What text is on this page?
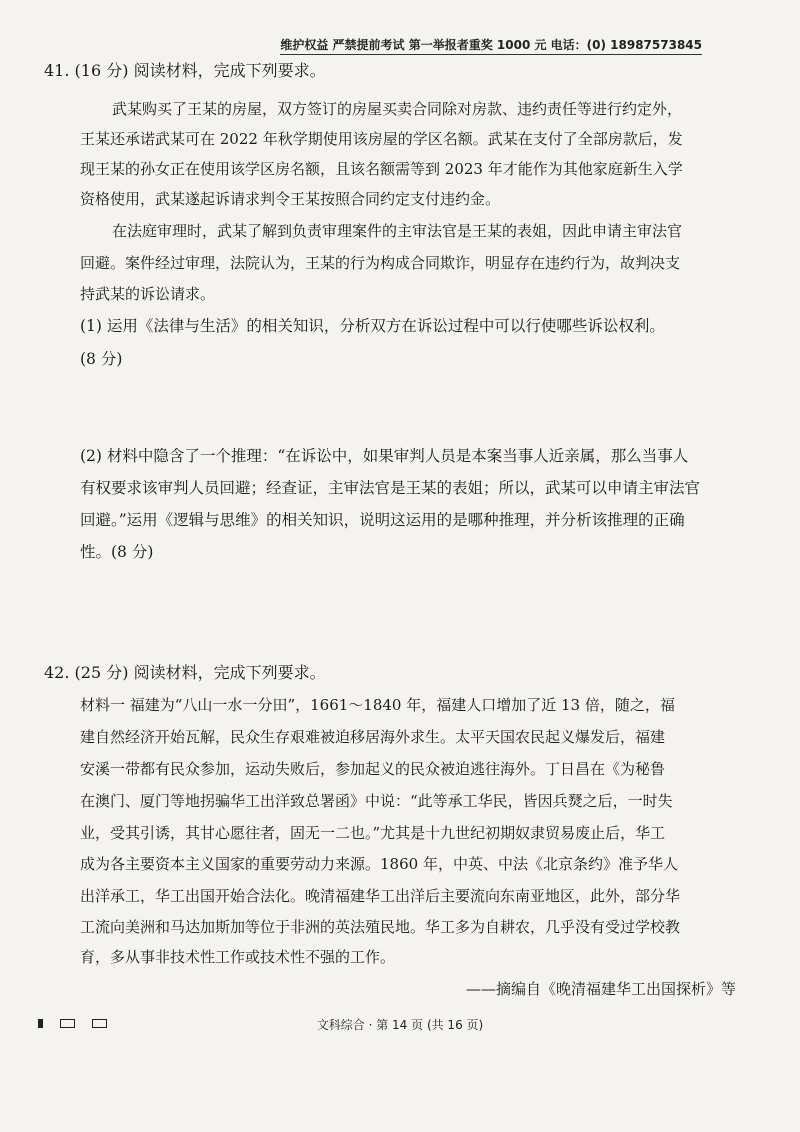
维护权益 严禁提前考试 第一举报者重奖 1000 元 电话：(0) 18987573845
41. (16 分) 阅读材料，完成下列要求。
武某购买了王某的房屋，双方签订的房屋买卖合同除对房款、违约责任等进行约定外，
王某还承诺武某可在 2022 年秋学期使用该房屋的学区名额。武某在支付了全部房款后，发
现王某的孙女正在使用该学区房名额，且该名额需等到 2023 年才能作为其他家庭新生入学
资格使用，武某遂起诉请求判令王某按照合同约定支付违约金。
在法庭审理时，武某了解到负责审理案件的主审法官是王某的表姐，因此申请主审法官
回避。案件经过审理，法院认为，王某的行为构成合同欺诈，明显存在违约行为，故判决支
持武某的诉讼请求。
(1) 运用《法律与生活》的相关知识，分析双方在诉讼过程中可以行使哪些诉讼权利。
(8 分)
(2) 材料中隐含了一个推理：“在诉讼中，如果审判人员是本案当事人近亲属，那么当事人
有权要求该审判人员回避；经查证，主审法官是王某的表姐；所以，武某可以申请主审法官
回避。”运用《逻辑与思维》的相关知识，说明这运用的是哪种推理，并分析该推理的正确
性。(8 分)
42. (25 分) 阅读材料，完成下列要求。
材料一 福建为“八山一水一分田”，1661～1840 年，福建人口增加了近 13 倍，随之，福
建自然经济开始瓦解，民众生存艰难被迫移居海外求生。太平天国农民起义爆发后，福建
安溪一带都有民众参加，运动失败后，参加起义的民众被迫逃往海外。丁日昌在《为秘鲁
在澳门、厦门等地拐骗华工出洋致总署函》中说：“此等承工华民，皆因兵燹之后，一时失
业，受其引诱，其甘心愿往者，固无一二也。”尤其是十九世纪初期奴隶贸易废止后，华工
成为各主要资本主义国家的重要劳动力来源。1860 年，中英、中法《北京条约》准予华人
出洋承工，华工出国开始合法化。晚清福建华工出洋后主要流向东南亚地区，此外，部分华
工流向美洲和马达加斯加等位于非洲的英法殖民地。华工多为自耕农，几乎没有受过学校教
育，多从事非技术性工作或技术性不强的工作。
——摘编自《晚清福建华工出国探析》等
文科综合 · 第 14 页 (共 16 页)
